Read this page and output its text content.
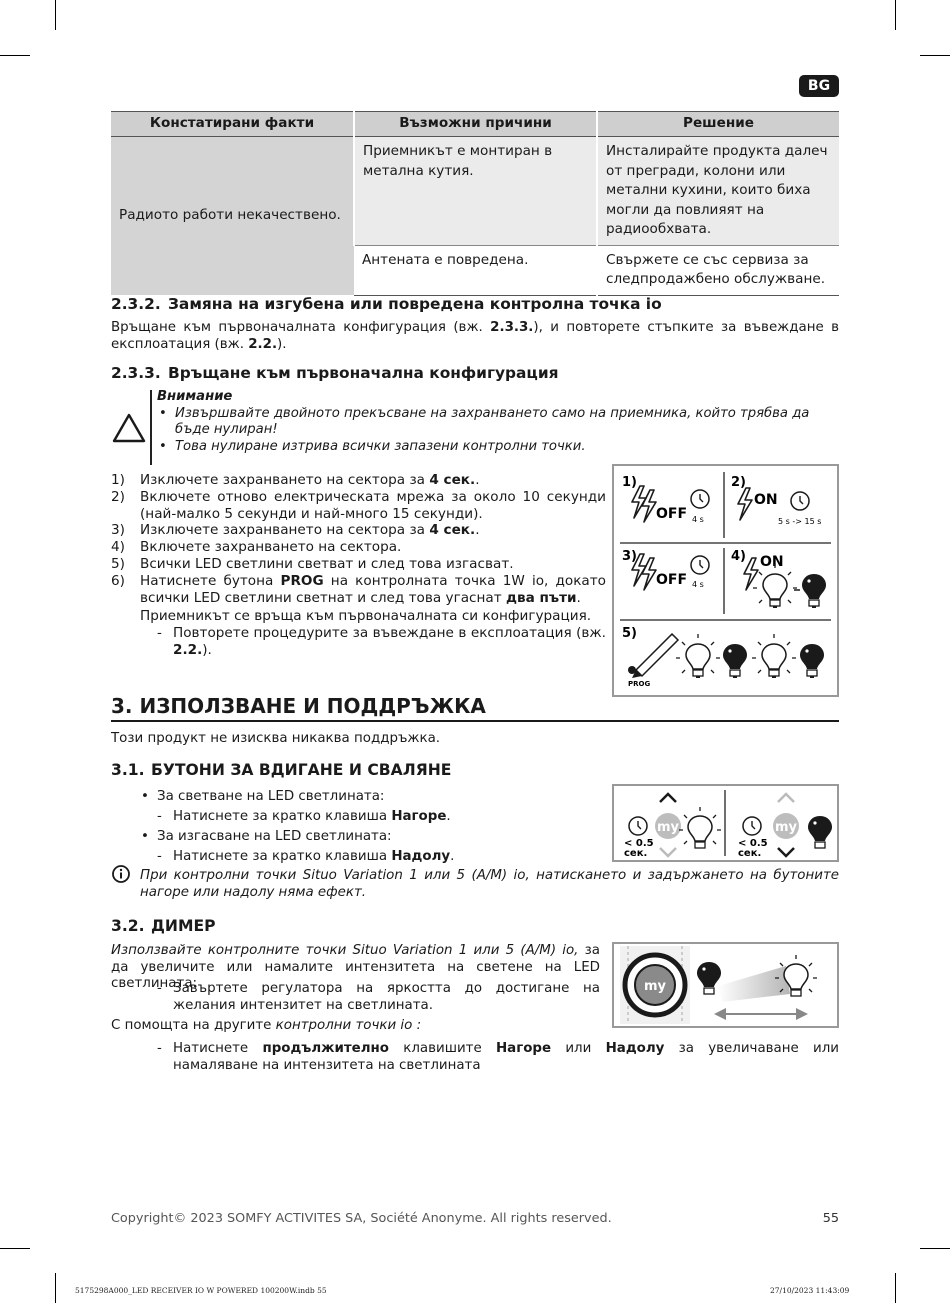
BG
Констатирани факти	Възможни причини	Решение
Радиото работи некачествено.	Приемникът е монтиран в метална кутия.	Инсталирайте продукта далеч от прегради, колони или метални кухини, които биха могли да повлияят на радиообхвата.
	Антената е повредена.	Свържете се със сервиза за следпродажбено обслужване.
2.3.2. Замяна на изгубена или повредена контролна точка io
Връщане към първоначалната конфигурация (вж. 2.3.3.), и повторете стъпките за въвеждане в експлоатация (вж. 2.2.).
2.3.3. Връщане към първоначална конфигурация
Внимание
• Извършвайте двойното прекъсване на захранването само на приемника, който трябва да бъде нулиран!
• Това нулиране изтрива всички запазени контролни точки.
1) Изключете захранването на сектора за 4 сек..
2) Включете отново електрическата мрежа за около 10 секунди (най-малко 5 секунди и най-много 15 секунди).
3) Изключете захранването на сектора за 4 сек..
4) Включете захранването на сектора.
5) Всички LED светлини светват и след това изгасват.
6) Натиснете бутона PROG на контролната точка 1W io, докато всички LED светлини светнат и след това угаснат два пъти.
Приемникът се връща към първоначалната си конфигурация.
- Повторете процедурите за въвеждане в експлоатация (вж. 2.2.).
1)
OFF 4 s
2)
ON
5 s -> 15 s
3)
OFF 4 s
4) ON
5)
PROG
3. ИЗПОЛЗВАНЕ И ПОДДРЪЖКА
Този продукт не изисква никаква поддръжка.
3.1. БУТОНИ ЗА ВДИГАНЕ И СВАЛЯНЕ
• За светване на LED светлината:
- Натиснете за кратко клавиша Нагоре.
• За изгасване на LED светлината:
- Натиснете за кратко клавиша Надолу.
При контролни точки Situo Variation 1 или 5 (A/M) io, натискането и задържането на бутоните нагоре или надолу няма ефект.
my
< 0.5
сек.
my
< 0.5
сек.
3.2. ДИМЕР
Използвайте контролните точки Situo Variation 1 или 5 (A/M) io, за да увеличите или намалите интензитета на светене на LED светлината:
- Завъртете регулатора на яркостта до достигане на желания интензитет на светлината.
С помощта на другите контролни точки io :
- Натиснете продължително клавишите Нагоре или Надолу за увеличаване или намаляване на интензитета на светлината
my
Copyright© 2023 SOMFY ACTIVITES SA, Société Anonyme. All rights reserved.	55
5175298A000_LED RECEIVER IO W POWERED 100200W.indb 55	27/10/2023 11:43:09
